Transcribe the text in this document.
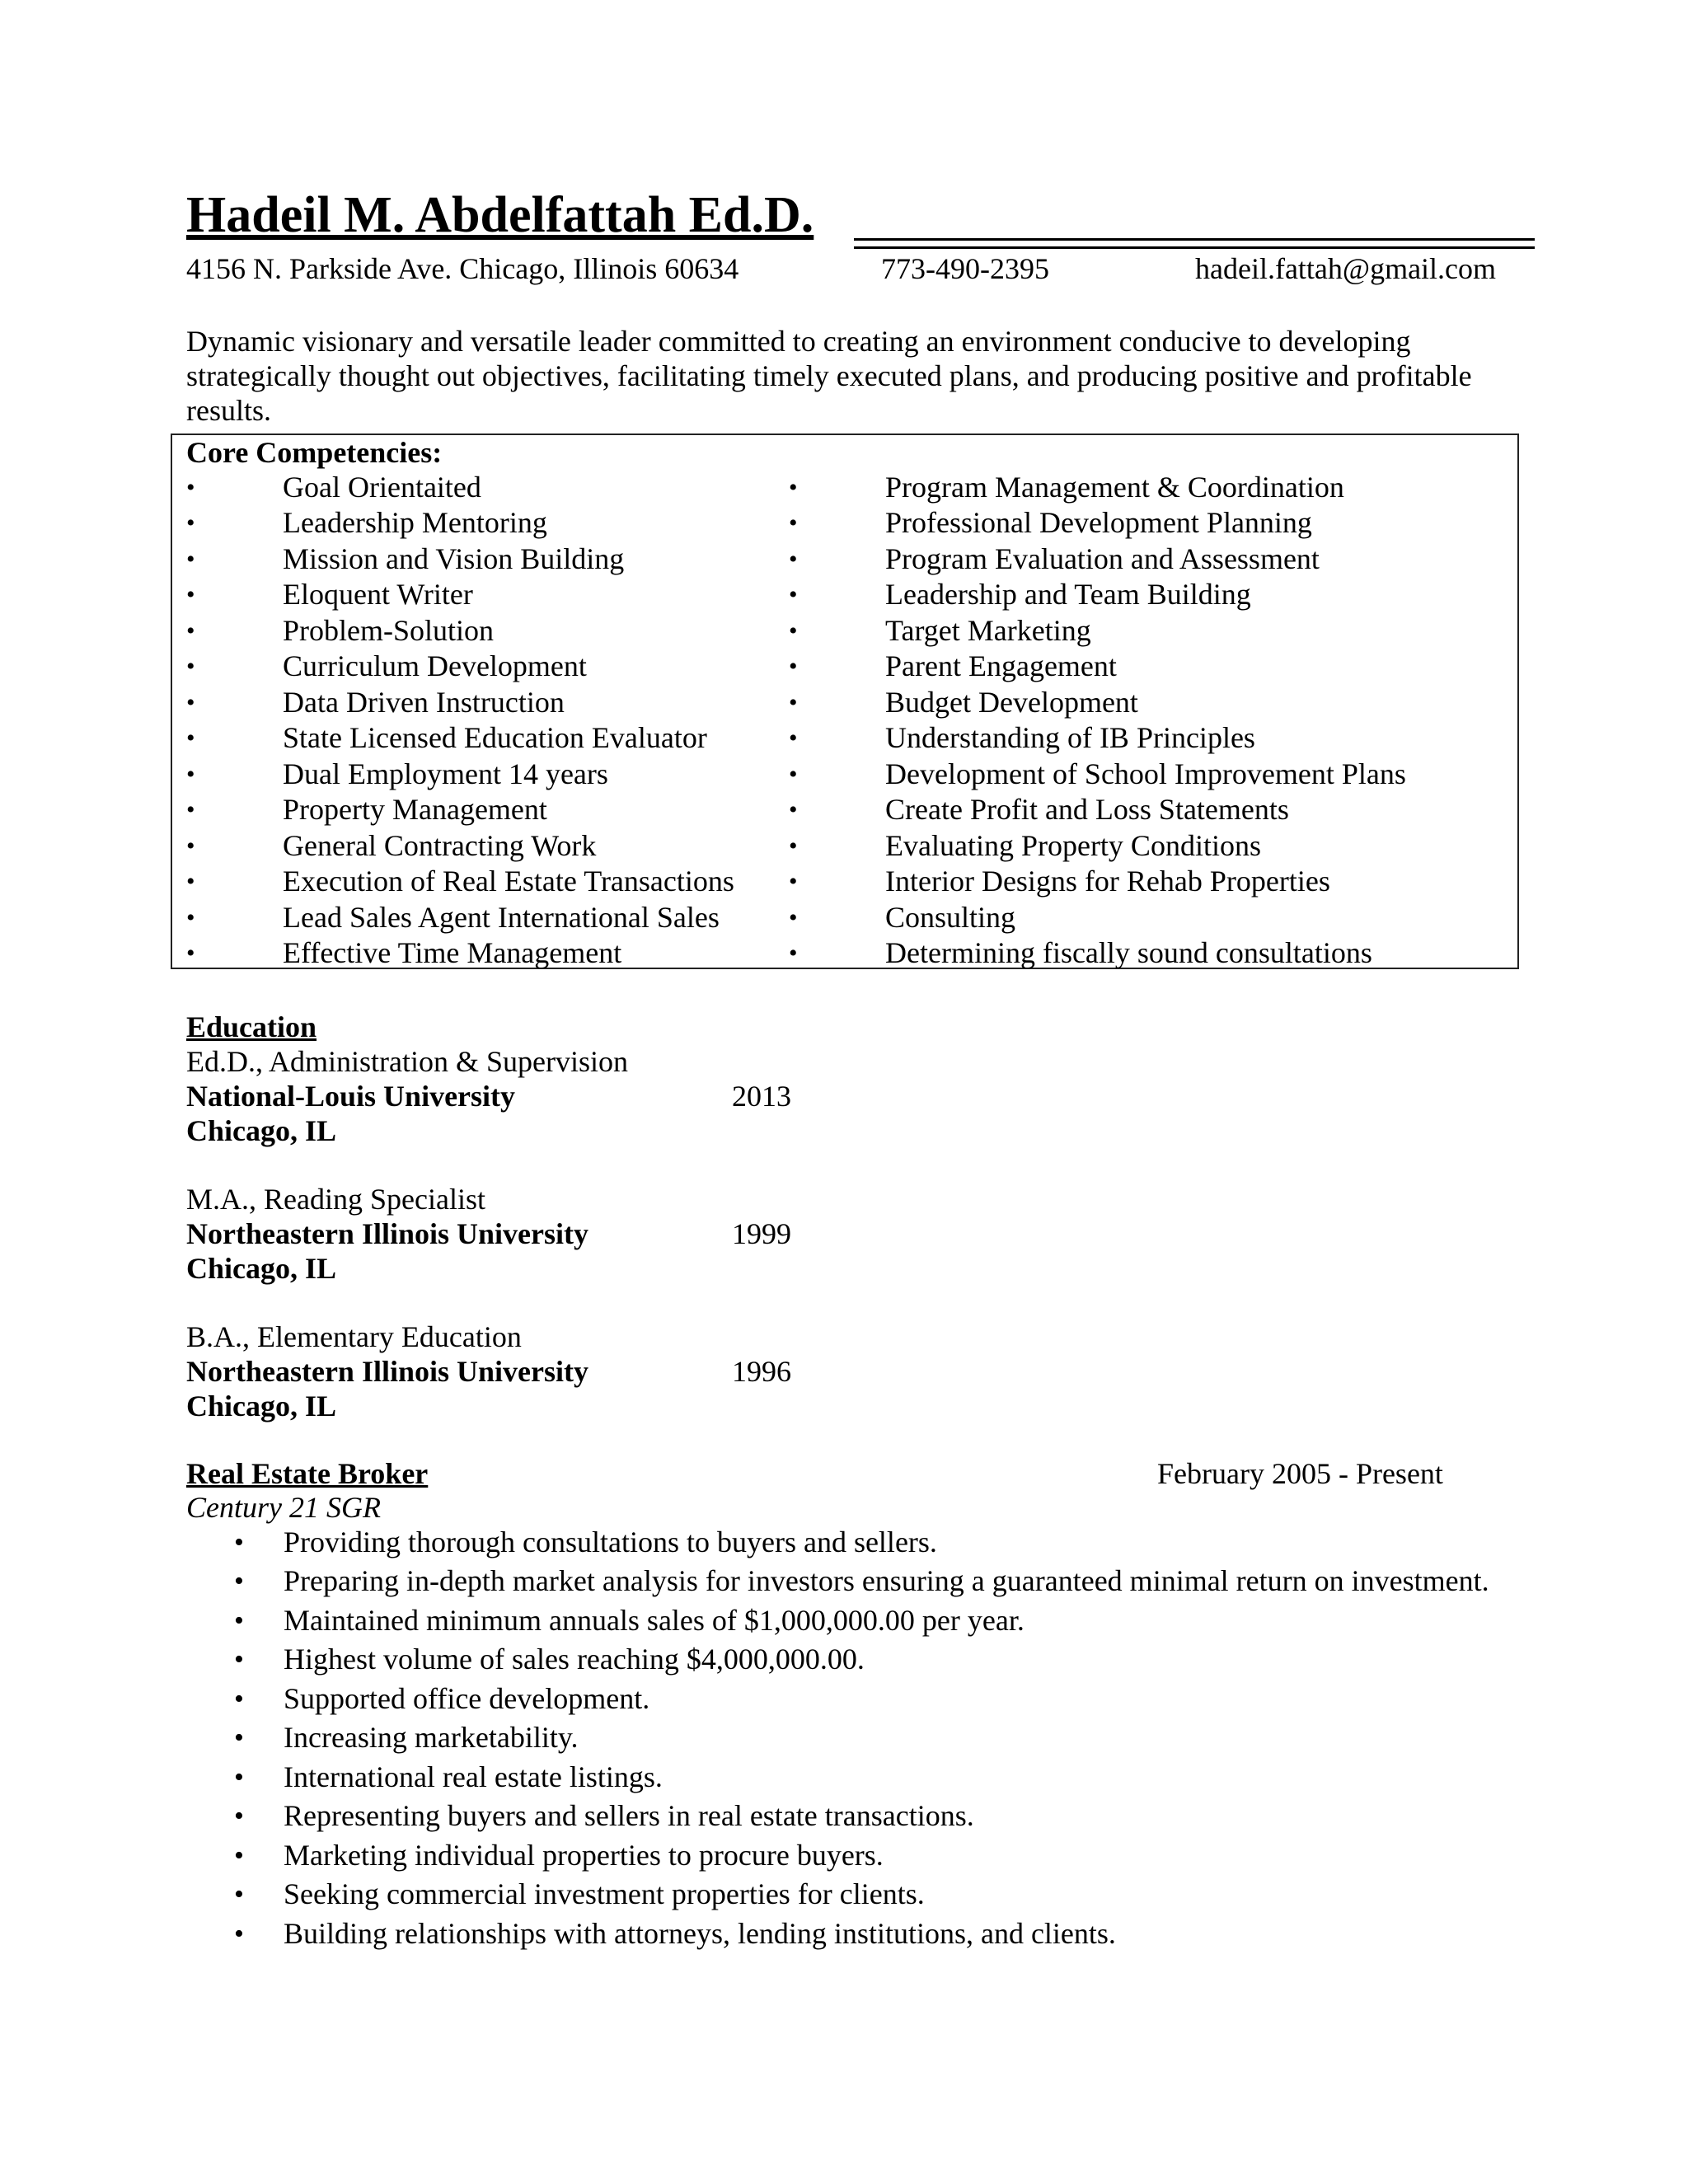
Hadeil M. Abdelfattah Ed.D.
4156 N. Parkside Ave. Chicago, Illinois 60634	773-490-2395	hadeil.fattah@gmail.com
Dynamic visionary and versatile leader committed to creating an environment conducive to developing strategically thought out objectives, facilitating timely executed plans, and producing positive and profitable results.
Core Competencies:
•	Goal Orientaited
•	Leadership Mentoring
•	Mission and Vision Building
•	Eloquent Writer
•	Problem-Solution
•	Curriculum Development
•	Data Driven Instruction
•	State Licensed Education Evaluator
•	Dual Employment 14 years
•	Property Management
•	General Contracting Work
•	Execution of Real Estate Transactions
•	Lead Sales Agent International Sales
•	Effective Time Management
•	Program Management & Coordination
•	Professional Development Planning
•	Program Evaluation and Assessment
•	Leadership and Team Building
•	Target Marketing
•	Parent Engagement
•	Budget Development
•	Understanding of IB Principles
•	Development of School Improvement Plans
•	Create Profit and Loss Statements
•	Evaluating Property Conditions
•	Interior Designs for Rehab Properties
•	Consulting
•	Determining fiscally sound consultations
Education
Ed.D., Administration & Supervision
National-Louis University	2013
Chicago, IL
M.A., Reading Specialist
Northeastern Illinois University	1999
Chicago, IL
B.A., Elementary Education
Northeastern Illinois University	1996
Chicago, IL
Real Estate Broker	February 2005 - Present
Century 21 SGR
• Providing thorough consultations to buyers and sellers.
• Preparing in-depth market analysis for investors ensuring a guaranteed minimal return on investment.
• Maintained minimum annuals sales of $1,000,000.00 per year.
• Highest volume of sales reaching $4,000,000.00.
• Supported office development.
• Increasing marketability.
• International real estate listings.
• Representing buyers and sellers in real estate transactions.
• Marketing individual properties to procure buyers.
• Seeking commercial investment properties for clients.
• Building relationships with attorneys, lending institutions, and clients.
